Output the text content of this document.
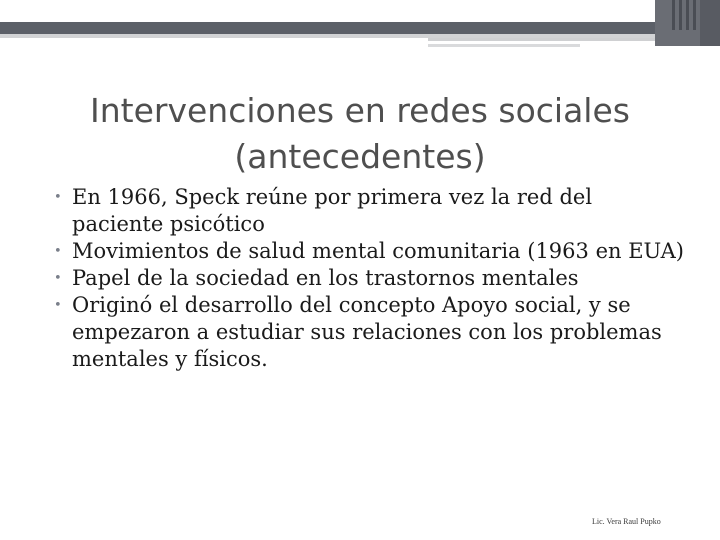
Intervenciones en redes sociales
(antecedentes)
• En 1966, Speck reúne por primera vez la red del paciente psicótico
• Movimientos de salud mental comunitaria (1963 en EUA)
• Papel de la sociedad en los trastornos mentales
• Originó el desarrollo del concepto Apoyo social, y se empezaron a estudiar sus relaciones con los problemas mentales y físicos.
Lic. Vera Raul Pupko
